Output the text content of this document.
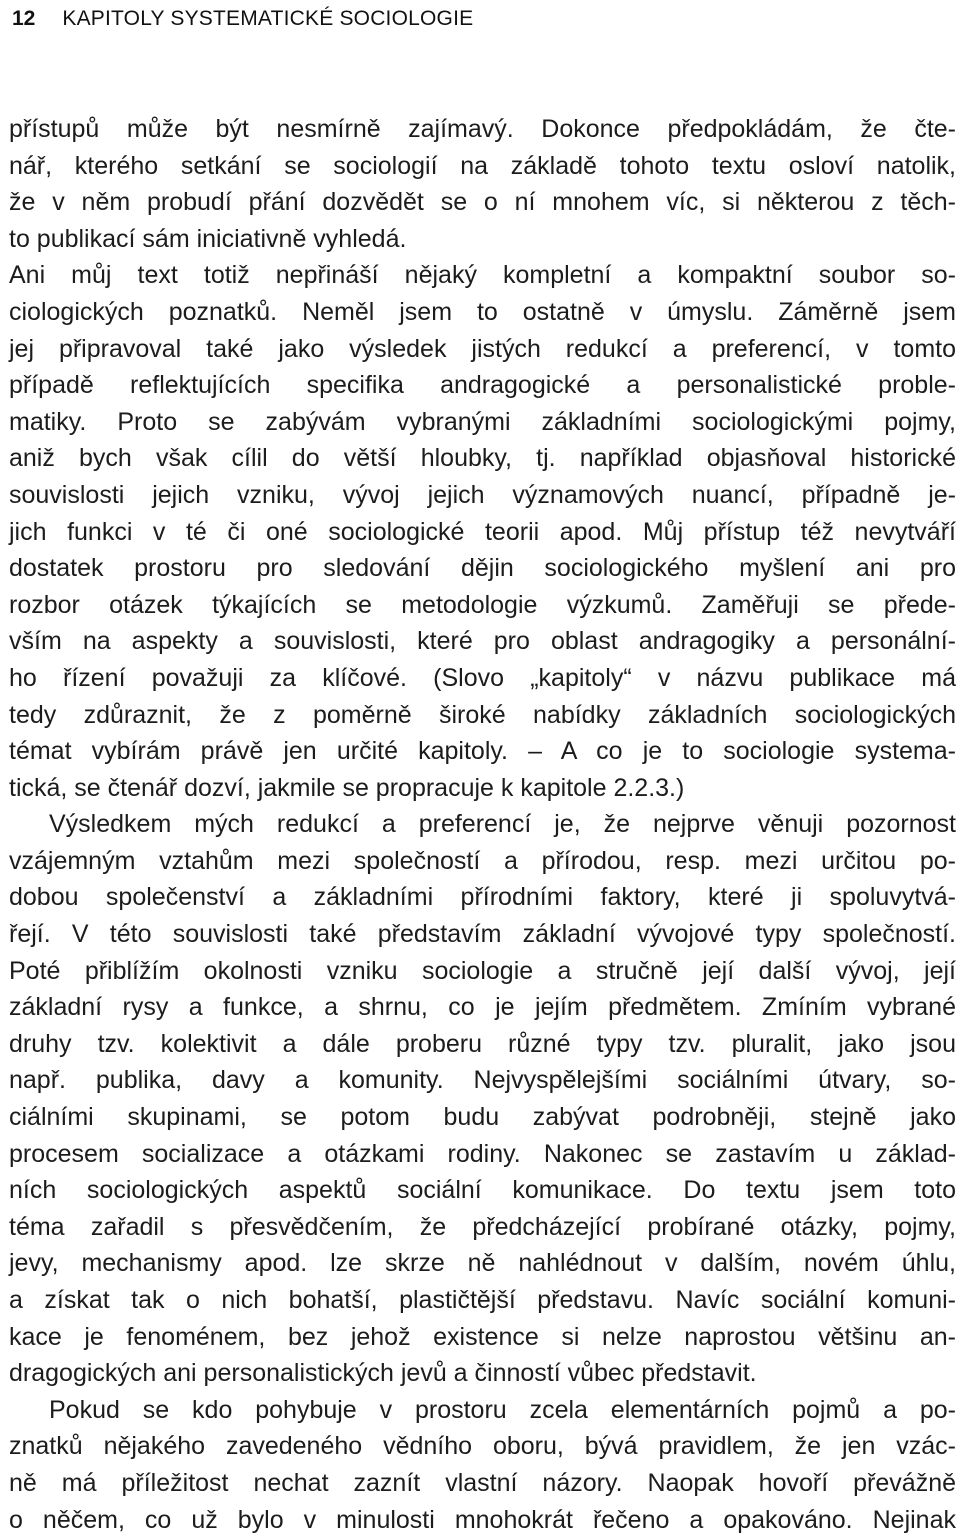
12 KAPITOLY SYSTEMATICKÉ SOCIOLOGIE
přístupů může být nesmírně zajímavý. Dokonce předpokládám, že čte-
nář, kterého setkání se sociologií na základě tohoto textu osloví natolik,
že v něm probudí přání dozvědět se o ní mnohem víc, si některou z těch-
to publikací sám iniciativně vyhledá.
Ani můj text totiž nepřináší nějaký kompletní a kompaktní soubor so-
ciologických poznatků. Neměl jsem to ostatně v úmyslu. Záměrně jsem
jej připravoval také jako výsledek jistých redukcí a preferencí, v tomto
případě reflektujících specifika andragogické a personalistické proble-
matiky. Proto se zabývám vybranými základními sociologickými pojmy,
aniž bych však cílil do větší hloubky, tj. například objasňoval historické
souvislosti jejich vzniku, vývoj jejich významových nuancí, případně je-
jich funkci v té či oné sociologické teorii apod. Můj přístup též nevytváří
dostatek prostoru pro sledování dějin sociologického myšlení ani pro
rozbor otázek týkajících se metodologie výzkumů. Zaměřuji se přede-
vším na aspekty a souvislosti, které pro oblast andragogiky a personální-
ho řízení považuji za klíčové. (Slovo „kapitoly“ v názvu publikace má
tedy zdůraznit, že z poměrně široké nabídky základních sociologických
témat vybírám právě jen určité kapitoly. – A co je to sociologie systema-
tická, se čtenář dozví, jakmile se propracuje k kapitole 2.2.3.)
Výsledkem mých redukcí a preferencí je, že nejprve věnuji pozornost
vzájemným vztahům mezi společností a přírodou, resp. mezi určitou po-
dobou společenství a základními přírodními faktory, které ji spoluvytvá-
řejí. V této souvislosti také představím základní vývojové typy společností.
Poté přiblížím okolnosti vzniku sociologie a stručně její další vývoj, její
základní rysy a funkce, a shrnu, co je jejím předmětem. Zmíním vybrané
druhy tzv. kolektivit a dále proberu různé typy tzv. pluralit, jako jsou
např. publika, davy a komunity. Nejvyspělejšími sociálními útvary, so-
ciálními skupinami, se potom budu zabývat podrobněji, stejně jako
procesem socializace a otázkami rodiny. Nakonec se zastavím u základ-
ních sociologických aspektů sociální komunikace. Do textu jsem toto
téma zařadil s přesvědčením, že předcházející probírané otázky, pojmy,
jevy, mechanismy apod. lze skrze ně nahlédnout v dalším, novém úhlu,
a získat tak o nich bohatší, plastičtější představu. Navíc sociální komuni-
kace je fenoménem, bez jehož existence si nelze naprostou většinu an-
dragogických ani personalistických jevů a činností vůbec představit.
Pokud se kdo pohybuje v prostoru zcela elementárních pojmů a po-
znatků nějakého zavedeného vědního oboru, bývá pravidlem, že jen vzác-
ně má příležitost nechat zaznít vlastní názory. Naopak hovoří převážně
o něčem, co už bylo v minulosti mnohokrát řečeno a opakováno. Nejinak
